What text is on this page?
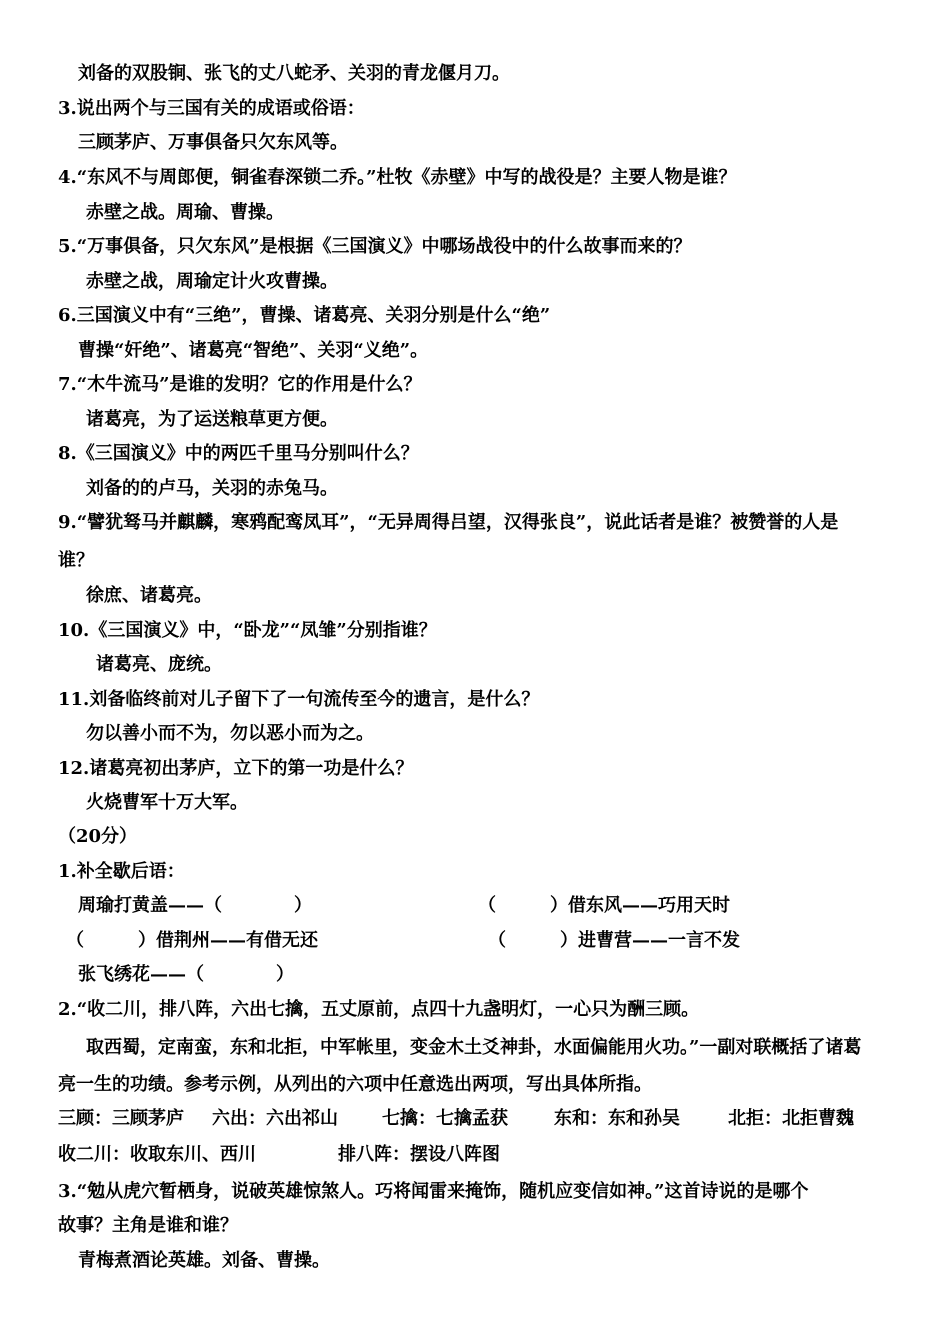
刘备的双股锏、张飞的丈八蛇矛、关羽的青龙偃月刀。
3.说出两个与三国有关的成语或俗语：
三顾茅庐、万事俱备只欠东风等。
4.“东风不与周郎便，铜雀春深锁二乔。”杜牧《赤壁》中写的战役是？主要人物是谁？
赤壁之战。周瑜、曹操。
5.“万事俱备，只欠东风”是根据《三国演义》中哪场战役中的什么故事而来的？
赤壁之战，周瑜定计火攻曹操。
6.三国演义中有“三绝”，曹操、诸葛亮、关羽分别是什么“绝”
曹操“奸绝”、诸葛亮“智绝”、关羽“义绝”。
7.“木牛流马”是谁的发明？它的作用是什么？
诸葛亮，为了运送粮草更方便。
8.《三国演义》中的两匹千里马分别叫什么？
刘备的的卢马，关羽的赤兔马。
9.“譬犹驽马并麒麟，寒鸦配鸾凤耳”，“无异周得吕望，汉得张良”，说此话者是谁？被赞誉的人是
谁？
徐庶、诸葛亮。
10.《三国演义》中，“卧龙”“凤雏”分别指谁？
诸葛亮、庞统。
11.刘备临终前对儿子留下了一句流传至今的遗言，是什么？
勿以善小而不为，勿以恶小而为之。
12.诸葛亮初出茅庐，立下的第一功是什么？
火烧曹军十万大军。
（20分）
1.补全歇后语：
周瑜打黄盖——（　　　　）	（　　　）借东风——巧用天时
（　　　）借荆州——有借无还	（　　　）进曹营——一言不发
张飞绣花——（　　　　）
2.“收二川，排八阵，六出七擒，五丈原前，点四十九盏明灯，一心只为酬三顾。
取西蜀，定南蛮，东和北拒，中军帐里，变金木土爻神卦，水面偏能用火功。”一副对联概括了诸葛
亮一生的功绩。参考示例，从列出的六项中任意选出两项，写出具体所指。
三顾：三顾茅庐 六出：六出祁山 七擒：七擒孟获	东和：东和孙吴	北拒：北拒曹魏
收二川：收取东川、西川	排八阵：摆设八阵图
3.“勉从虎穴暂栖身，说破英雄惊煞人。巧将闻雷来掩饰，随机应变信如神。”这首诗说的是哪个
故事？主角是谁和谁？
青梅煮酒论英雄。刘备、曹操。
